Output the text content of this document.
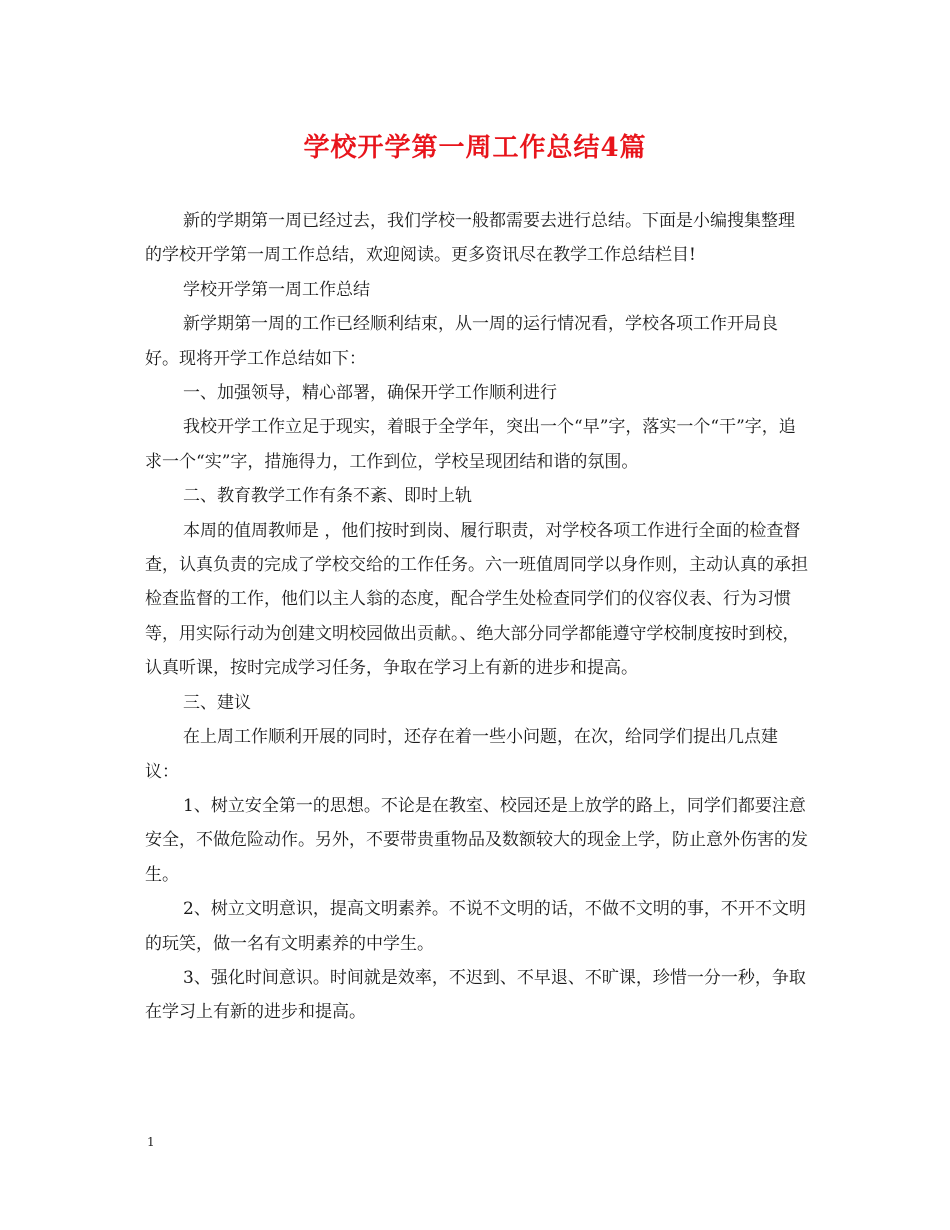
学校开学第一周工作总结4篇

新的学期第一周已经过去，我们学校一般都需要去进行总结。下面是小编搜集整理的学校开学第一周工作总结，欢迎阅读。更多资讯尽在教学工作总结栏目!

学校开学第一周工作总结

新学期第一周的工作已经顺利结束，从一周的运行情况看，学校各项工作开局良好。现将开学工作总结如下：

一、加强领导，精心部署，确保开学工作顺利进行

我校开学工作立足于现实，着眼于全学年，突出一个“早”字，落实一个“干”字，追求一个“实”字，措施得力，工作到位，学校呈现团结和谐的氛围。

二、教育教学工作有条不紊、即时上轨

本周的值周教师是 ，他们按时到岗、履行职责，对学校各项工作进行全面的检查督查，认真负责的完成了学校交给的工作任务。六一班值周同学以身作则，主动认真的承担检查监督的工作，他们以主人翁的态度，配合学生处检查同学们的仪容仪表、行为习惯等，用实际行动为创建文明校园做出贡献。、绝大部分同学都能遵守学校制度按时到校，认真听课，按时完成学习任务，争取在学习上有新的进步和提高。

三、建议

在上周工作顺利开展的同时，还存在着一些小问题，在次，给同学们提出几点建议：

1、树立安全第一的思想。不论是在教室、校园还是上放学的路上，同学们都要注意安全，不做危险动作。另外，不要带贵重物品及数额较大的现金上学，防止意外伤害的发生。

2、树立文明意识，提高文明素养。不说不文明的话，不做不文明的事，不开不文明的玩笑，做一名有文明素养的中学生。

3、强化时间意识。时间就是效率，不迟到、不早退、不旷课，珍惜一分一秒，争取在学习上有新的进步和提高。

1
